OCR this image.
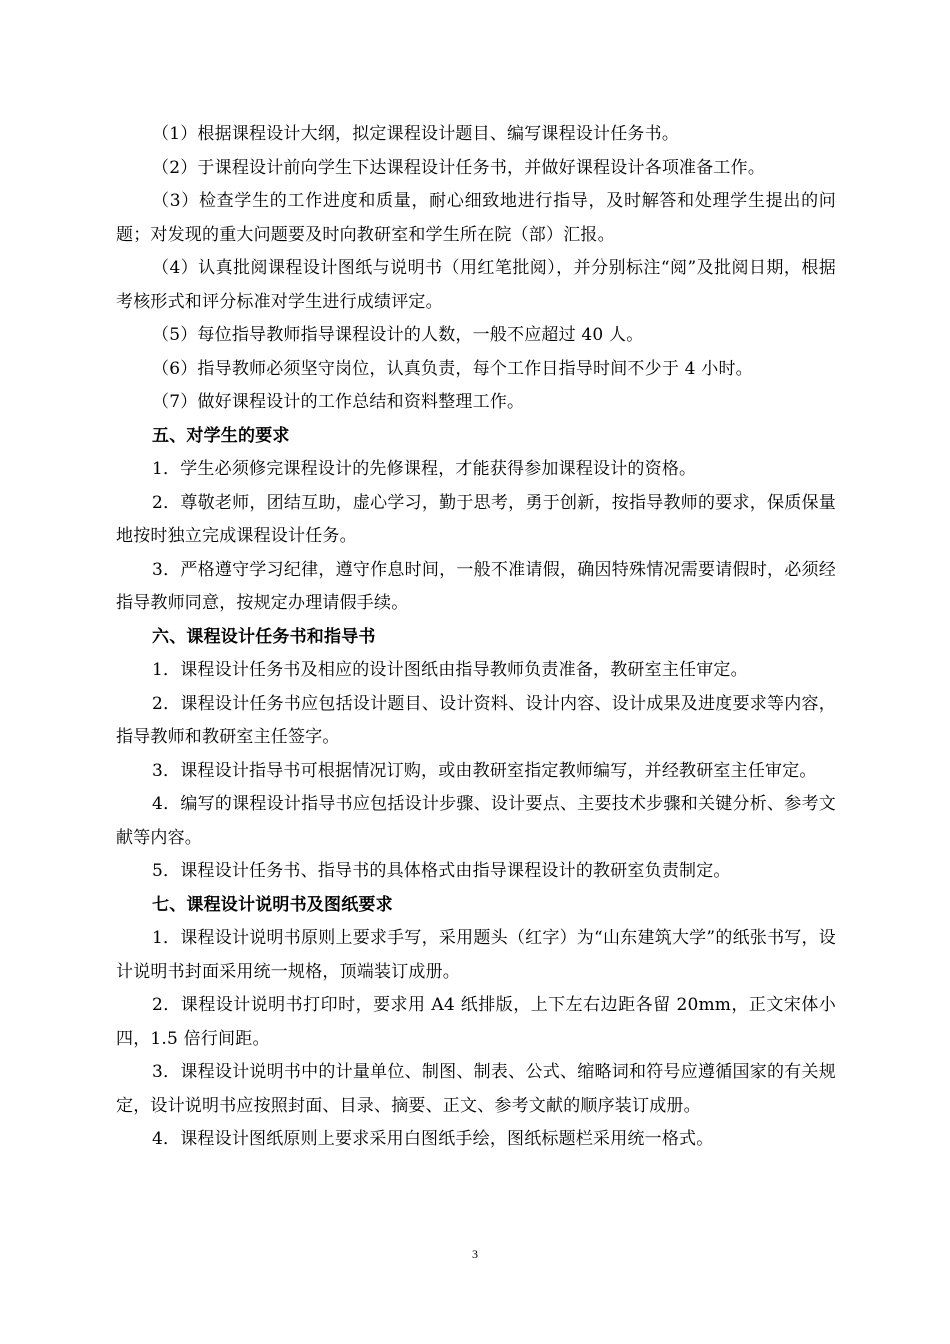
（1）根据课程设计大纲，拟定课程设计题目、编写课程设计任务书。

（2）于课程设计前向学生下达课程设计任务书，并做好课程设计各项准备工作。

（3）检查学生的工作进度和质量，耐心细致地进行指导，及时解答和处理学生提出的问题；对发现的重大问题要及时向教研室和学生所在院（部）汇报。

（4）认真批阅课程设计图纸与说明书（用红笔批阅），并分别标注“阅”及批阅日期，根据考核形式和评分标准对学生进行成绩评定。

（5）每位指导教师指导课程设计的人数，一般不应超过 40 人。

（6）指导教师必须坚守岗位，认真负责，每个工作日指导时间不少于 4 小时。

（7）做好课程设计的工作总结和资料整理工作。

五、对学生的要求

1．学生必须修完课程设计的先修课程，才能获得参加课程设计的资格。

2．尊敬老师，团结互助，虚心学习，勤于思考，勇于创新，按指导教师的要求，保质保量地按时独立完成课程设计任务。

3．严格遵守学习纪律，遵守作息时间，一般不准请假，确因特殊情况需要请假时，必须经指导教师同意，按规定办理请假手续。

六、课程设计任务书和指导书

1．课程设计任务书及相应的设计图纸由指导教师负责准备，教研室主任审定。

2．课程设计任务书应包括设计题目、设计资料、设计内容、设计成果及进度要求等内容，指导教师和教研室主任签字。

3．课程设计指导书可根据情况订购，或由教研室指定教师编写，并经教研室主任审定。

4．编写的课程设计指导书应包括设计步骤、设计要点、主要技术步骤和关键分析、参考文献等内容。

5．课程设计任务书、指导书的具体格式由指导课程设计的教研室负责制定。

七、课程设计说明书及图纸要求

1．课程设计说明书原则上要求手写，采用题头（红字）为“山东建筑大学”的纸张书写，设计说明书封面采用统一规格，顶端装订成册。

2．课程设计说明书打印时，要求用 A4 纸排版，上下左右边距各留 20mm，正文宋体小四，1.5 倍行间距。

3．课程设计说明书中的计量单位、制图、制表、公式、缩略词和符号应遵循国家的有关规定，设计说明书应按照封面、目录、摘要、正文、参考文献的顺序装订成册。

4．课程设计图纸原则上要求采用白图纸手绘，图纸标题栏采用统一格式。

3
